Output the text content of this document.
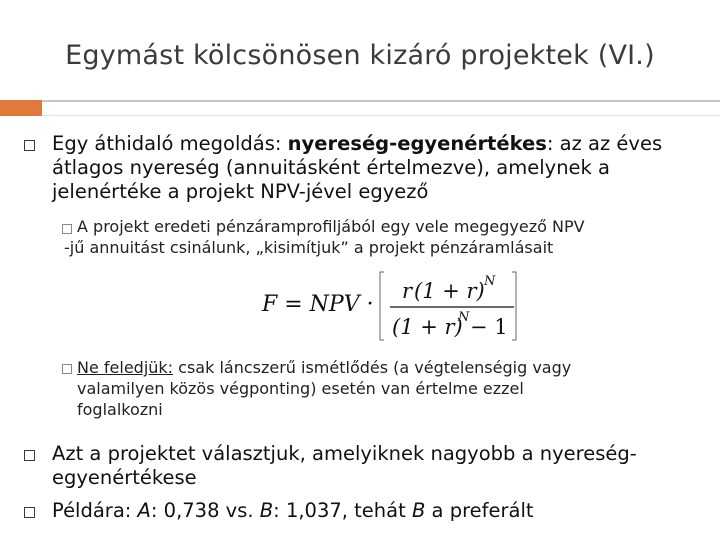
Egymást kölcsönösen kizáró projektek (VI.)
Egy áthidaló megoldás: nyereség-egyenértékes: az az éves
átlagos nyereség (annuitásként értelmezve), amelynek a
jelenértéke a projekt NPV-jével egyező
A projekt eredeti pénzáramprofiljából egy vele megegyező NPV
-jű annuitást csinálunk, „kisimítjuk” a projekt pénzáramlásait
F = NPV ·
r (1 + r) N
(1 + r)
N − 1
Ne feledjük: csak láncszerű ismétlődés (a végtelenségig vagy
valamilyen közös végponting) esetén van értelme ezzel
foglalkozni
Azt a projektet választjuk, amelyiknek nagyobb a nyereség-
egyenértékese
Példára: A: 0,738 vs. B: 1,037, tehát B a preferált
